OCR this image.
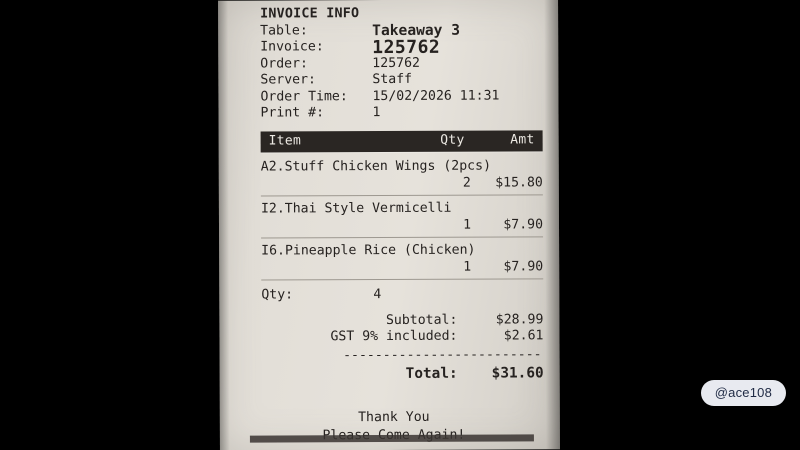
INVOICE INFO
Table:	Takeaway 3
Invoice:	125762
Order:	125762
Server:	Staff
Order Time:	15/02/2026 11:31
Print #:	1
Item	Qty	Amt
A2.Stuff Chicken Wings (2pcs)
2	$15.80
I2.Thai Style Vermicelli
1	$7.90
I6.Pineapple Rice (Chicken)
1	$7.90
Qty:	4
Subtotal:	$28.99
GST 9% included:	$2.61
-------------------------
Total:	$31.60
Thank You
@ace108
